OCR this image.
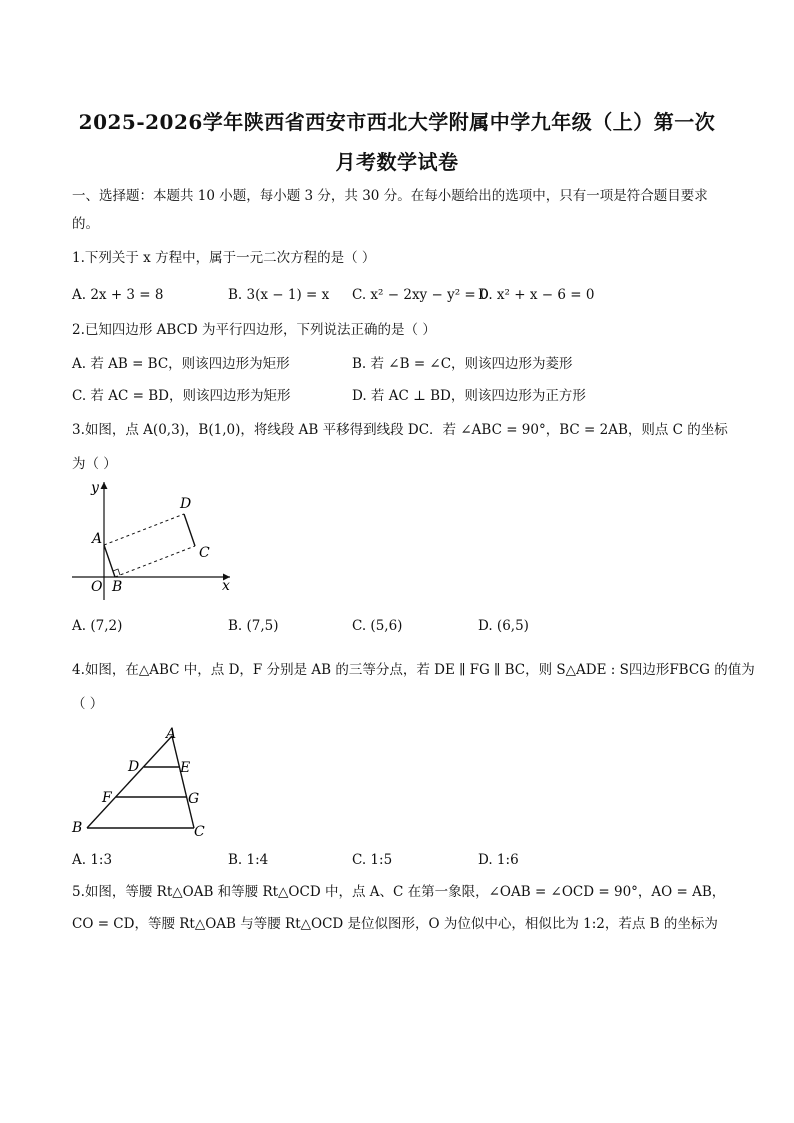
2025-2026学年陕西省西安市西北大学附属中学九年级（上）第一次
月考数学试卷
一、选择题：本题共 10 小题，每小题 3 分，共 30 分。在每小题给出的选项中，只有一项是符合题目要求
的。
1.下列关于 x 方程中，属于一元二次方程的是（ ）
A. 2x + 3 = 8	B. 3(x − 1) = x C. x² − 2xy − y² = 0
D. x² + x − 6 = 0
2.已知四边形 ABCD 为平行四边形，下列说法正确的是（ ）
A. 若 AB = BC，则该四边形为矩形	B. 若 ∠B = ∠C，则该四边形为菱形
C. 若 AC = BD，则该四边形为矩形	D. 若 AC ⊥ BD，则该四边形为正方形
3.如图，点 A(0,3)，B(1,0)，将线段 AB 平移得到线段 DC．若 ∠ABC = 90°，BC = 2AB，则点 C 的坐标
为（ ）
y
x
A
B
O
D
C
A. (7,2)	B. (7,5)	C. (5,6)	D. (6,5)
4.如图，在△ABC 中，点 D，F 分别是 AB 的三等分点，若 DE ∥ FG ∥ BC，则 S△ADE : S四边形FBCG 的值为
（ ）
A
D	E
F	G
B	C
A. 1:3	B. 1:4	C. 1:5	D. 1:6
5.如图，等腰 Rt△OAB 和等腰 Rt△OCD 中，点 A、C 在第一象限，∠OAB = ∠OCD = 90°，AO = AB，
CO = CD，等腰 Rt△OAB 与等腰 Rt△OCD 是位似图形，O 为位似中心，相似比为 1:2，若点 B 的坐标为
